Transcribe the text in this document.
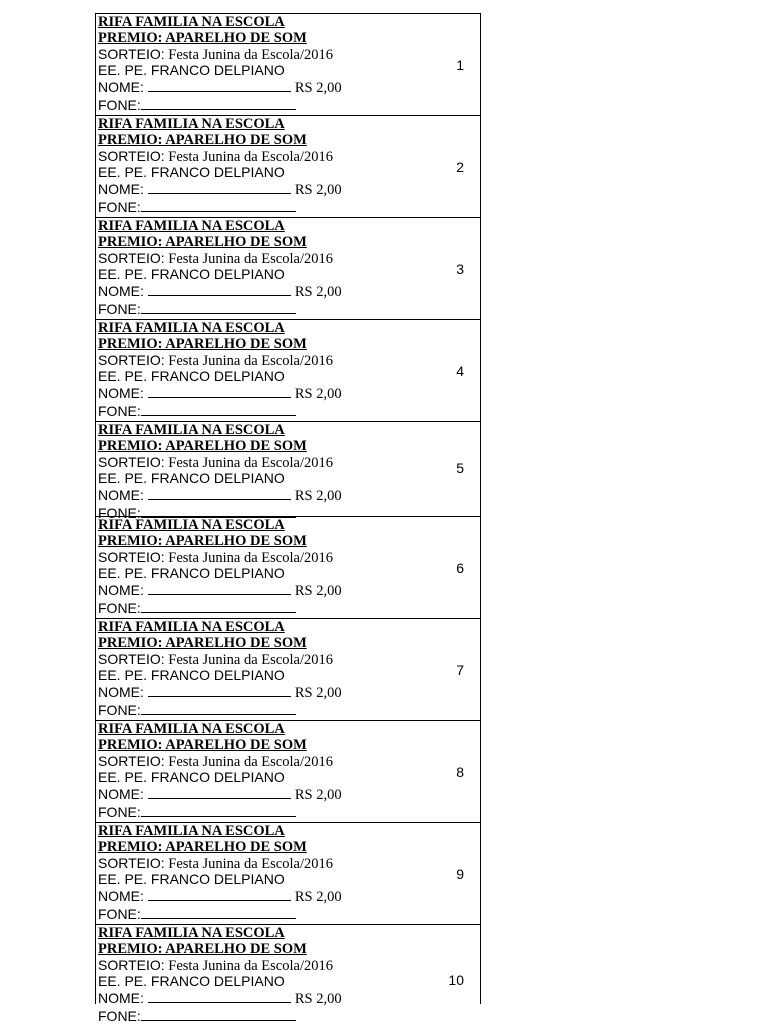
RIFA FAMILIA NA ESCOLA
PREMIO: APARELHO DE SOM
SORTEIO: Festa Junina da Escola/2016
EE. PE. FRANCO DELPIANO
NOME:	RS 2,00
FONE:
1
RIFA FAMILIA NA ESCOLA
PREMIO: APARELHO DE SOM
SORTEIO: Festa Junina da Escola/2016
EE. PE. FRANCO DELPIANO
NOME:	RS 2,00
FONE:
2
RIFA FAMILIA NA ESCOLA
PREMIO: APARELHO DE SOM
SORTEIO: Festa Junina da Escola/2016
EE. PE. FRANCO DELPIANO
NOME:	RS 2,00
FONE:
3
RIFA FAMILIA NA ESCOLA
PREMIO: APARELHO DE SOM
SORTEIO: Festa Junina da Escola/2016
EE. PE. FRANCO DELPIANO
NOME:	RS 2,00
FONE:
4
RIFA FAMILIA NA ESCOLA
PREMIO: APARELHO DE SOM
SORTEIO: Festa Junina da Escola/2016
EE. PE. FRANCO DELPIANO
NOME:	RS 2,00
FONE:
5
RIFA FAMILIA NA ESCOLA
PREMIO: APARELHO DE SOM
SORTEIO: Festa Junina da Escola/2016
EE. PE. FRANCO DELPIANO
NOME:	RS 2,00
FONE:
6
RIFA FAMILIA NA ESCOLA
PREMIO: APARELHO DE SOM
SORTEIO: Festa Junina da Escola/2016
EE. PE. FRANCO DELPIANO
NOME:	RS 2,00
FONE:
7
RIFA FAMILIA NA ESCOLA
PREMIO: APARELHO DE SOM
SORTEIO: Festa Junina da Escola/2016
EE. PE. FRANCO DELPIANO
NOME:	RS 2,00
FONE:
8
RIFA FAMILIA NA ESCOLA
PREMIO: APARELHO DE SOM
SORTEIO: Festa Junina da Escola/2016
EE. PE. FRANCO DELPIANO
NOME:	RS 2,00
FONE:
9
RIFA FAMILIA NA ESCOLA
PREMIO: APARELHO DE SOM
SORTEIO: Festa Junina da Escola/2016
EE. PE. FRANCO DELPIANO
NOME:	RS 2,00
FONE:
10
